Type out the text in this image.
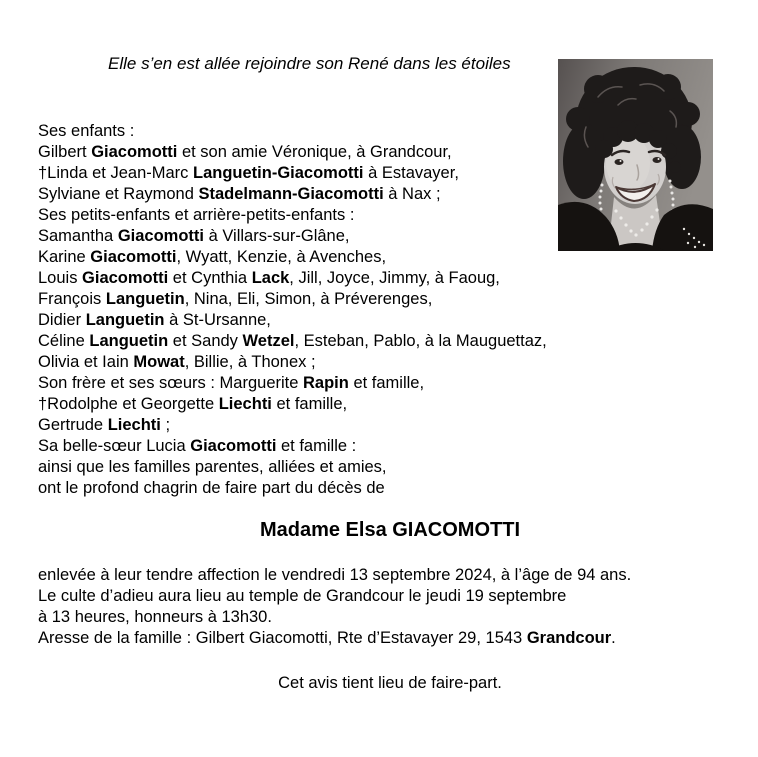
Elle s’en est allée rejoindre son René dans les étoiles
Ses enfants :
Gilbert Giacomotti et son amie Véronique, à Grandcour,
†Linda et Jean-Marc Languetin-Giacomotti à Estavayer,
Sylviane et Raymond Stadelmann-Giacomotti à Nax ;
Ses petits-enfants et arrière-petits-enfants :
Samantha Giacomotti à Villars-sur-Glâne,
Karine Giacomotti, Wyatt, Kenzie, à Avenches,
Louis Giacomotti et Cynthia Lack, Jill, Joyce, Jimmy, à Faoug,
François Languetin, Nina, Eli, Simon, à Préverenges,
Didier Languetin à St-Ursanne,
Céline Languetin et Sandy Wetzel, Esteban, Pablo, à la Mauguettaz,
Olivia et Iain Mowat, Billie, à Thonex ;
Son frère et ses sœurs : Marguerite Rapin et famille,
†Rodolphe et Georgette Liechti et famille,
Gertrude Liechti ;
Sa belle-sœur Lucia Giacomotti et famille :
ainsi que les familles parentes, alliées et amies,
ont le profond chagrin de faire part du décès de
Madame Elsa GIACOMOTTI
enlevée à leur tendre affection le vendredi 13 septembre 2024, à l’âge de 94 ans.
Le culte d’adieu aura lieu au temple de Grandcour le jeudi 19 septembre
à 13 heures, honneurs à 13h30.
Aresse de la famille : Gilbert Giacomotti, Rte d’Estavayer 29, 1543 Grandcour.
Cet avis tient lieu de faire-part.
